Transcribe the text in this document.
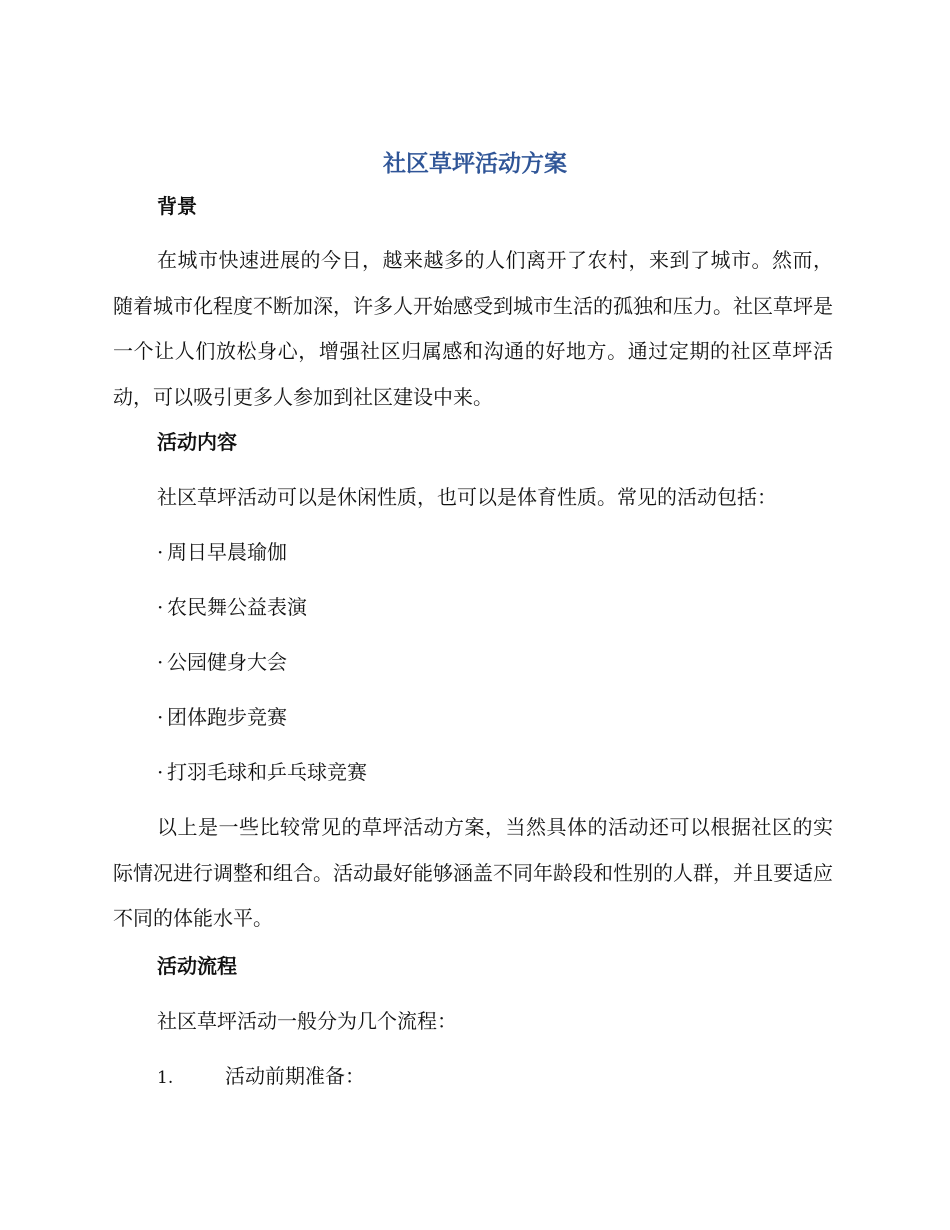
社区草坪活动方案
背景

在城市快速进展的今日，越来越多的人们离开了农村，来到了城市。然而，随着城市化程度不断加深，许多人开始感受到城市生活的孤独和压力。社区草坪是一个让人们放松身心，增强社区归属感和沟通的好地方。通过定期的社区草坪活动，可以吸引更多人参加到社区建设中来。

活动内容

社区草坪活动可以是休闲性质，也可以是体育性质。常见的活动包括：

· 周日早晨瑜伽
· 农民舞公益表演
· 公园健身大会
· 团体跑步竞赛
· 打羽毛球和乒乓球竞赛

以上是一些比较常见的草坪活动方案，当然具体的活动还可以根据社区的实际情况进行调整和组合。活动最好能够涵盖不同年龄段和性别的人群，并且要适应不同的体能水平。

活动流程

社区草坪活动一般分为几个流程：

1.	活动前期准备：
